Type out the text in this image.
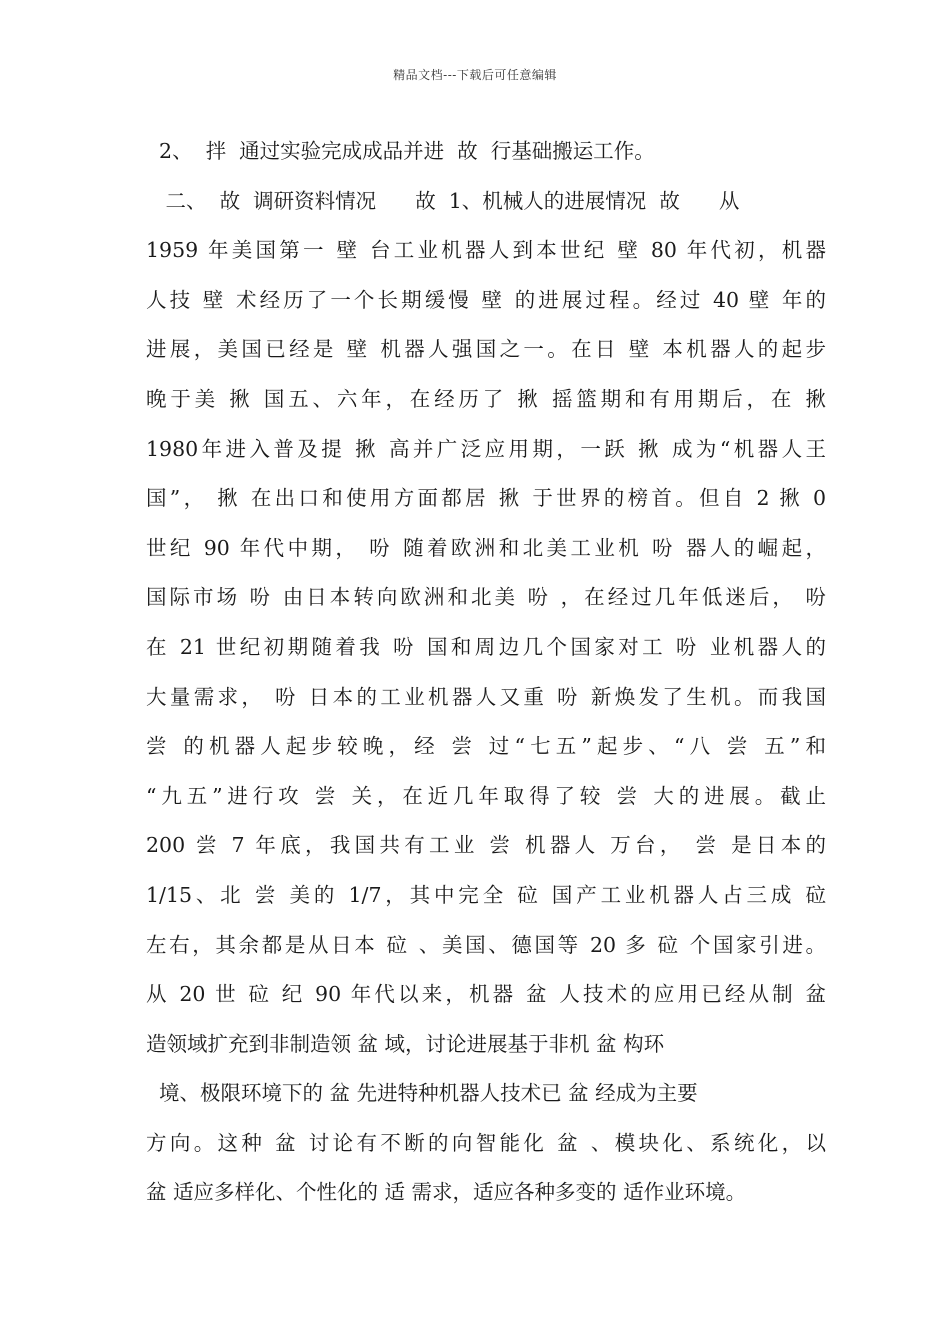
精品文档---下载后可任意编辑
2、  拌  通过实验完成成品并进  故  行基础搬运工作。
二、  故  调研资料情况      故  1、机械人的进展情况  故      从
1959 年美国第一 壁 台工业机器人到本世纪 壁 80 年代初，机器
人技 壁 术经历了一个长期缓慢 壁 的进展过程。经过 40 壁 年的
进展，美国已经是 壁 机器人强国之一。在日 壁 本机器人的起步
晚于美 揪 国五、六年，在经历了 揪 摇篮期和有用期后，在 揪
1980年进入普及提 揪 高并广泛应用期，一跃 揪 成为“机器人王
国”， 揪 在出口和使用方面都居 揪 于世界的榜首。但自 2 揪 0
世纪 90 年代中期， 吩 随着欧洲和北美工业机 吩 器人的崛起，
国际市场 吩 由日本转向欧洲和北美 吩 ，在经过几年低迷后， 吩
在 21 世纪初期随着我 吩 国和周边几个国家对工 吩 业机器人的
大量需求， 吩 日本的工业机器人又重 吩 新焕发了生机。而我国
尝 的机器人起步较晚，经 尝 过“七五”起步、“八 尝 五”和
“九五”进行攻 尝 关，在近几年取得了较 尝 大的进展。截止
200 尝 7 年底，我国共有工业 尝 机器人 万台， 尝 是日本的
1/15、北 尝 美的 1/7，其中完全 砬 国产工业机器人占三成 砬
左右，其余都是从日本 砬 、美国、德国等 20 多 砬 个国家引进。
从 20 世 砬 纪 90 年代以来，机器 盆 人技术的应用已经从制 盆
造领域扩充到非制造领 盆 域，讨论进展基于非机 盆 构环
境、极限环境下的 盆 先进特种机器人技术已 盆 经成为主要
方向。这种 盆 讨论有不断的向智能化 盆 、模块化、系统化，以
盆 适应多样化、个性化的 适 需求，适应各种多变的 适作业环境。
